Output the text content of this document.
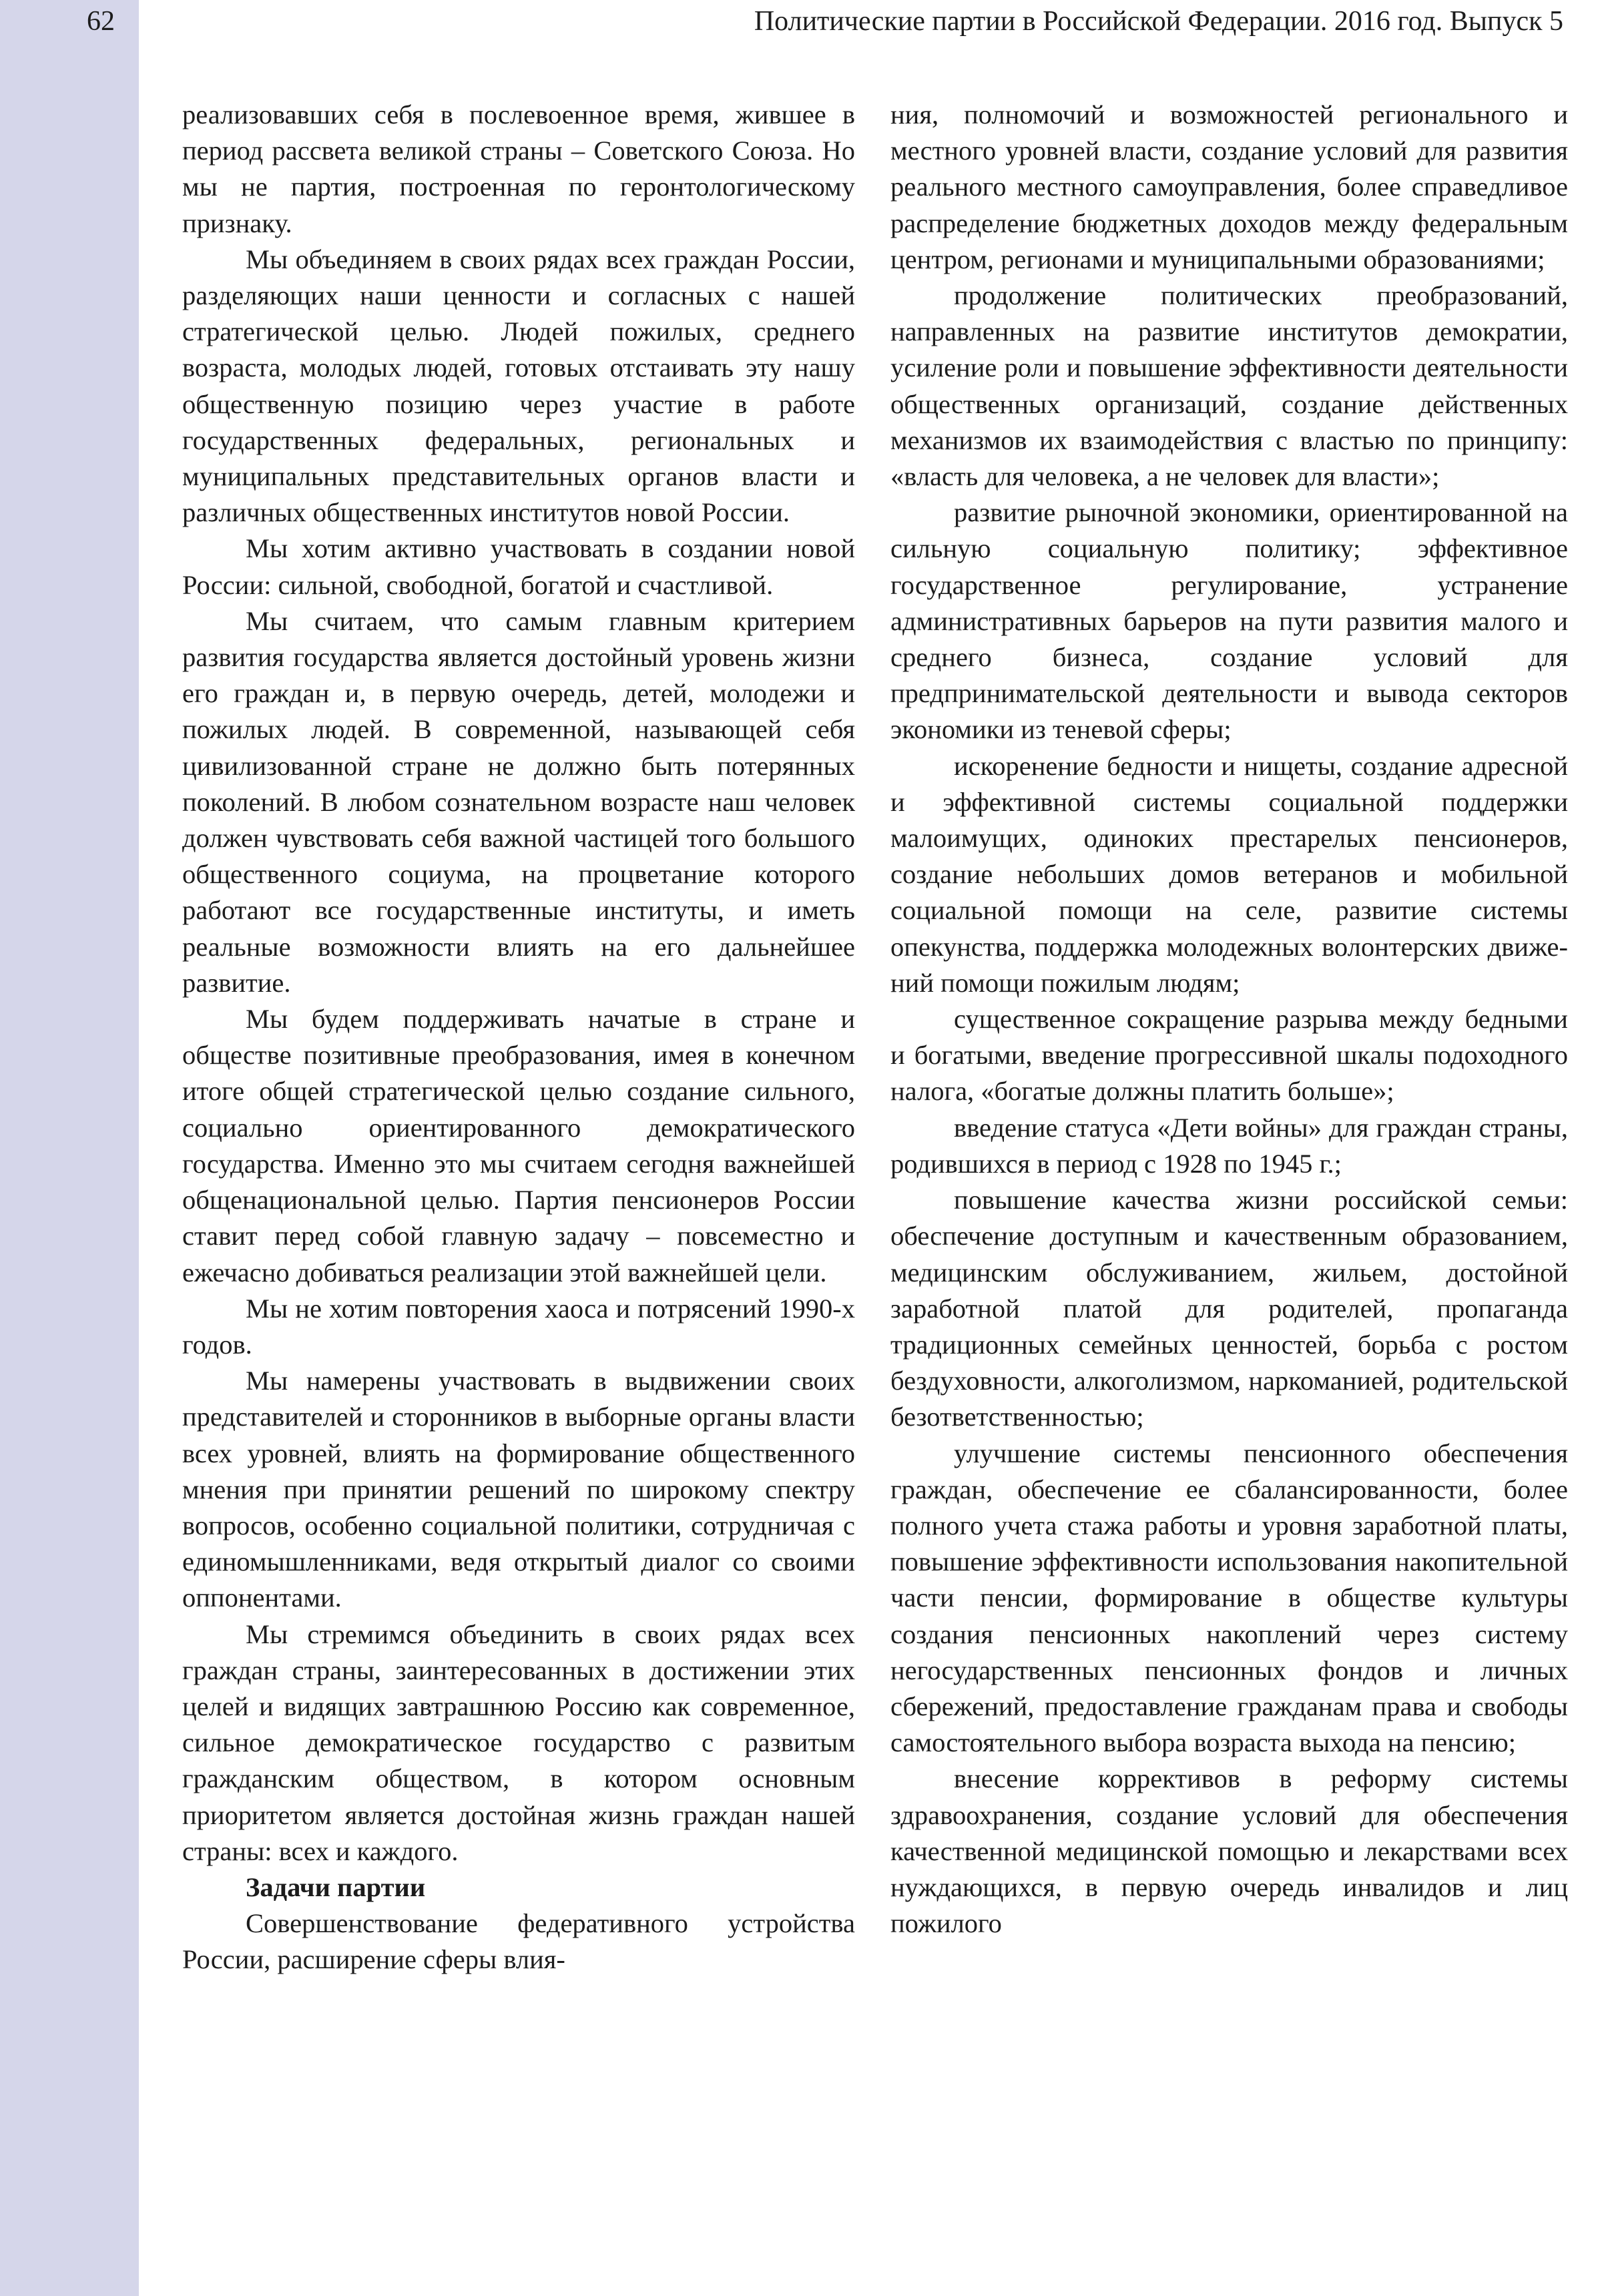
62	Политические партии в Российской Федерации. 2016 год. Выпуск 5

реализовавших себя в послевоенное время, жившее в период рассвета великой страны – Советского Союза. Но мы не партия, построенная по геронтологическому признаку.

Мы объединяем в своих рядах всех граждан России, разделяющих наши ценности и согласных с нашей стратегической целью. Людей пожилых, среднего возраста, молодых людей, готовых отстаивать эту нашу общественную позицию через участие в работе государственных федеральных, региональных и муниципальных представительных органов власти и различных общественных институтов новой России.

Мы хотим активно участвовать в создании новой России: сильной, свободной, богатой и счастливой.

Мы считаем, что самым главным критерием развития государства является достойный уровень жизни его граждан и, в первую очередь, детей, молодежи и пожилых людей. В современной, называющей себя цивилизованной стране не должно быть потерянных поколений. В любом сознательном возрасте наш человек должен чувствовать себя важной частицей того большого общественного социума, на процветание которого работают все государственные институты, и иметь реальные возможности влиять на его дальнейшее развитие.

Мы будем поддерживать начатые в стране и обществе позитивные преобразования, имея в конечном итоге общей стратегической целью создание сильного, социально ориентированного демократического государства. Именно это мы считаем сегодня важнейшей общенациональной целью. Партия пенсионеров России ставит перед собой главную задачу – повсеместно и ежечасно добиваться реализации этой важнейшей цели.

Мы не хотим повторения хаоса и потрясений 1990-х годов.

Мы намерены участвовать в выдвижении своих представителей и сторонников в выборные органы власти всех уровней, влиять на формирование общественного мнения при принятии решений по широкому спектру вопросов, особенно социальной политики, сотрудничая с единомышленниками, ведя открытый диалог со своими оппонентами.

Мы стремимся объединить в своих рядах всех граждан страны, заинтересованных в достижении этих целей и видящих завтрашнюю Россию как современное, сильное демократическое государство с развитым гражданским обществом, в котором основным приоритетом является достойная жизнь граждан нашей страны: всех и каждого.

Задачи партии

Совершенствование федеративного устройства России, расширение сферы влия-

ния, полномочий и возможностей регионального и местного уровней власти, создание условий для развития реального местного самоуправления, более справедливое распределение бюджетных доходов между федеральным центром, регионами и муниципальными образованиями;

продолжение политических преобразований, направленных на развитие институтов демократии, усиление роли и повышение эффективности деятельности общественных организаций, создание действенных механизмов их взаимодействия с властью по принципу: «власть для человека, а не человек для власти»;

развитие рыночной экономики, ориентированной на сильную социальную политику; эффективное государственное регулирование, устранение административных барьеров на пути развития малого и среднего бизнеса, создание условий для предпринимательской деятельности и вывода секторов экономики из теневой сферы;

искоренение бедности и нищеты, создание адресной и эффективной системы социальной поддержки малоимущих, одиноких престарелых пенсионеров, создание небольших домов ветеранов и мобильной социальной помощи на селе, развитие системы опекунства, поддержка молодежных волонтерских движений помощи пожилым людям;

существенное сокращение разрыва между бедными и богатыми, введение прогрессивной шкалы подоходного налога, «богатые должны платить больше»;

введение статуса «Дети войны» для граждан страны, родившихся в период с 1928 по 1945 г.;

повышение качества жизни российской семьи: обеспечение доступным и качественным образованием, медицинским обслуживанием, жильем, достойной заработной платой для родителей, пропаганда традиционных семейных ценностей, борьба с ростом бездуховности, алкоголизмом, наркоманией, родительской безответственностью;

улучшение системы пенсионного обеспечения граждан, обеспечение ее сбалансированности, более полного учета стажа работы и уровня заработной платы, повышение эффективности использования накопительной части пенсии, формирование в обществе культуры создания пенсионных накоплений через систему негосударственных пенсионных фондов и личных сбережений, предоставление гражданам права и свободы самостоятельного выбора возраста выхода на пенсию;

внесение коррективов в реформу системы здравоохранения, создание условий для обеспечения качественной медицинской помощью и лекарствами всех нуждающихся, в первую очередь инвалидов и лиц пожилого
